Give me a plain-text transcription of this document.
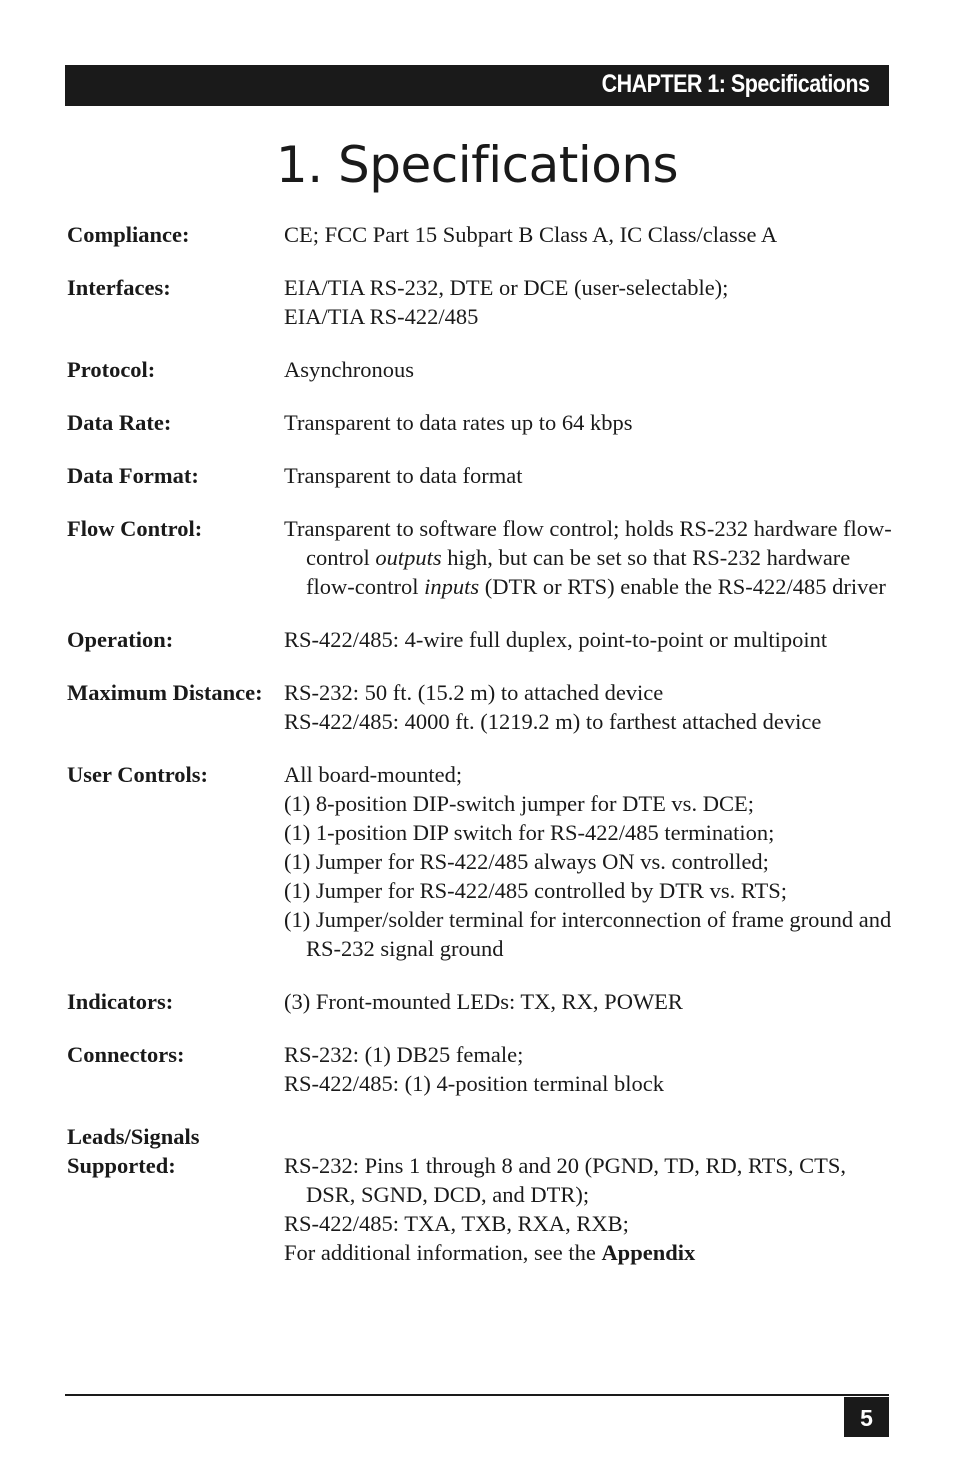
CHAPTER 1: Specifications
1. Specifications
Compliance:	CE; FCC Part 15 Subpart B Class A, IC Class/classe A
Interfaces:	EIA/TIA RS-232, DTE or DCE (user-selectable);
EIA/TIA RS-422/485
Protocol:	Asynchronous
Data Rate:	Transparent to data rates up to 64 kbps
Data Format:	Transparent to data format
Flow Control:	Transparent to software flow control; holds RS-232 hardware flow-control outputs high, but can be set so that RS-232 hardware flow-control inputs (DTR or RTS) enable the RS-422/485 driver
Operation:	RS-422/485: 4-wire full duplex, point-to-point or multipoint
Maximum Distance: RS-232: 50 ft. (15.2 m) to attached device
RS-422/485: 4000 ft. (1219.2 m) to farthest attached device
User Controls:	All board-mounted;
(1) 8-position DIP-switch jumper for DTE vs. DCE;
(1) 1-position DIP switch for RS-422/485 termination;
(1) Jumper for RS-422/485 always ON vs. controlled;
(1) Jumper for RS-422/485 controlled by DTR vs. RTS;
(1) Jumper/solder terminal for interconnection of frame ground and RS-232 signal ground
Indicators:	(3) Front-mounted LEDs: TX, RX, POWER
Connectors:	RS-232: (1) DB25 female;
RS-422/485: (1) 4-position terminal block
Leads/Signals
Supported:	RS-232: Pins 1 through 8 and 20 (PGND, TD, RD, RTS, CTS, DSR, SGND, DCD, and DTR);
RS-422/485: TXA, TXB, RXA, RXB;
For additional information, see the Appendix
5
